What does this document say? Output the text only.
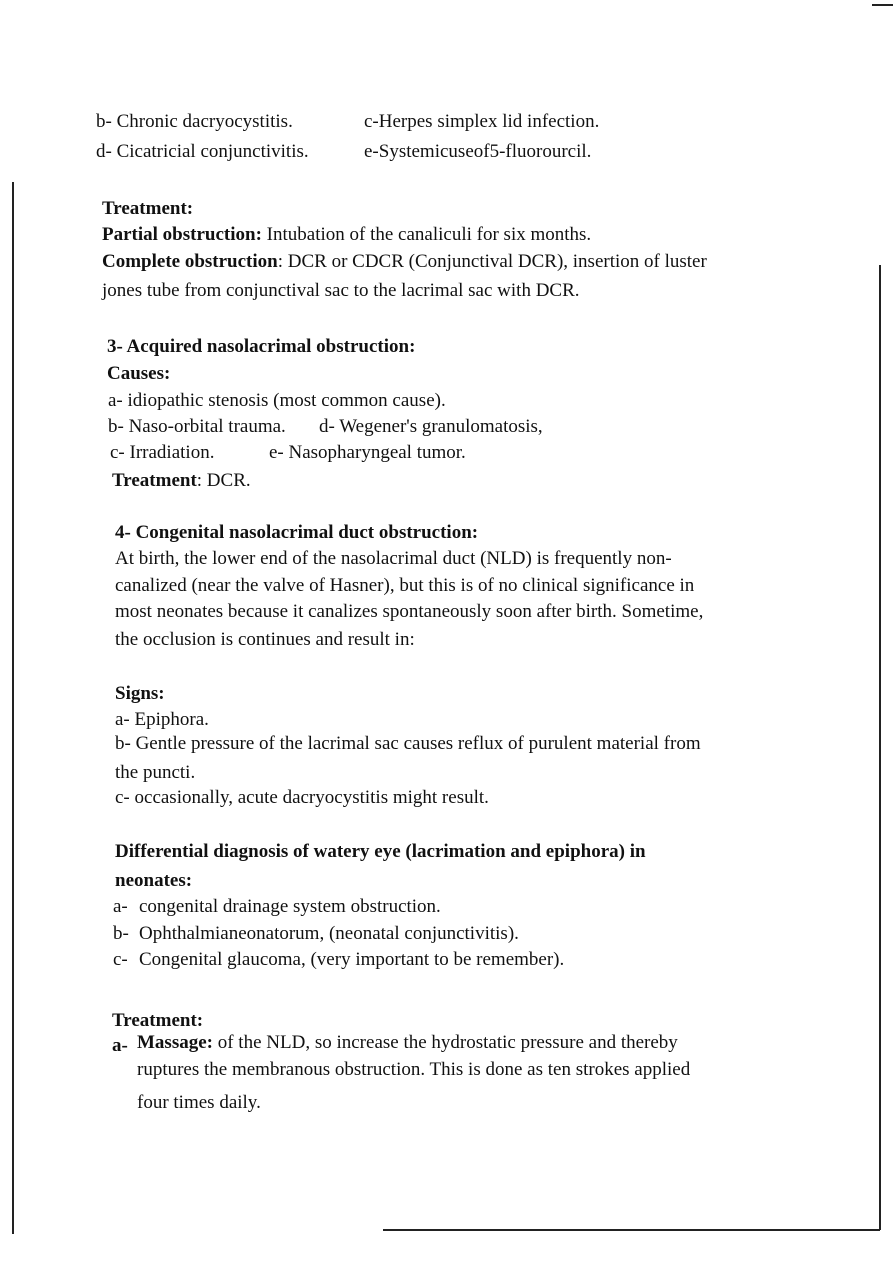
b- Chronic dacryocystitis.	c-Herpes simplex lid infection.
d- Cicatricial conjunctivitis.	e-Systemicuseof5-fluorourcil.
Treatment:
Partial obstruction: Intubation of the canaliculi for six months.
Complete obstruction: DCR or CDCR (Conjunctival DCR), insertion of luster
jones tube from conjunctival sac to the lacrimal sac with DCR.
3- Acquired nasolacrimal obstruction:
Causes:
a- idiopathic stenosis (most common cause).
b- Naso-orbital trauma. d- Wegener's granulomatosis,
c- Irradiation.	e- Nasopharyngeal tumor.
Treatment: DCR.
4- Congenital nasolacrimal duct obstruction:
At birth, the lower end of the nasolacrimal duct (NLD) is frequently non-
canalized (near the valve of Hasner), but this is of no clinical significance in
most neonates because it canalizes spontaneously soon after birth. Sometime,
the occlusion is continues and result in:
Signs:
a- Epiphora.
b- Gentle pressure of the lacrimal sac causes reflux of purulent material from
the puncti.
c- occasionally, acute dacryocystitis might result.
Differential diagnosis of watery eye (lacrimation and epiphora) in
neonates:
a- congenital drainage system obstruction.
b- Ophthalmianeonatorum, (neonatal conjunctivitis).
c- Congenital glaucoma, (very important to be remember).
Treatment:
a- Massage: of the NLD, so increase the hydrostatic pressure and thereby
ruptures the membranous obstruction. This is done as ten strokes applied
four times daily.
